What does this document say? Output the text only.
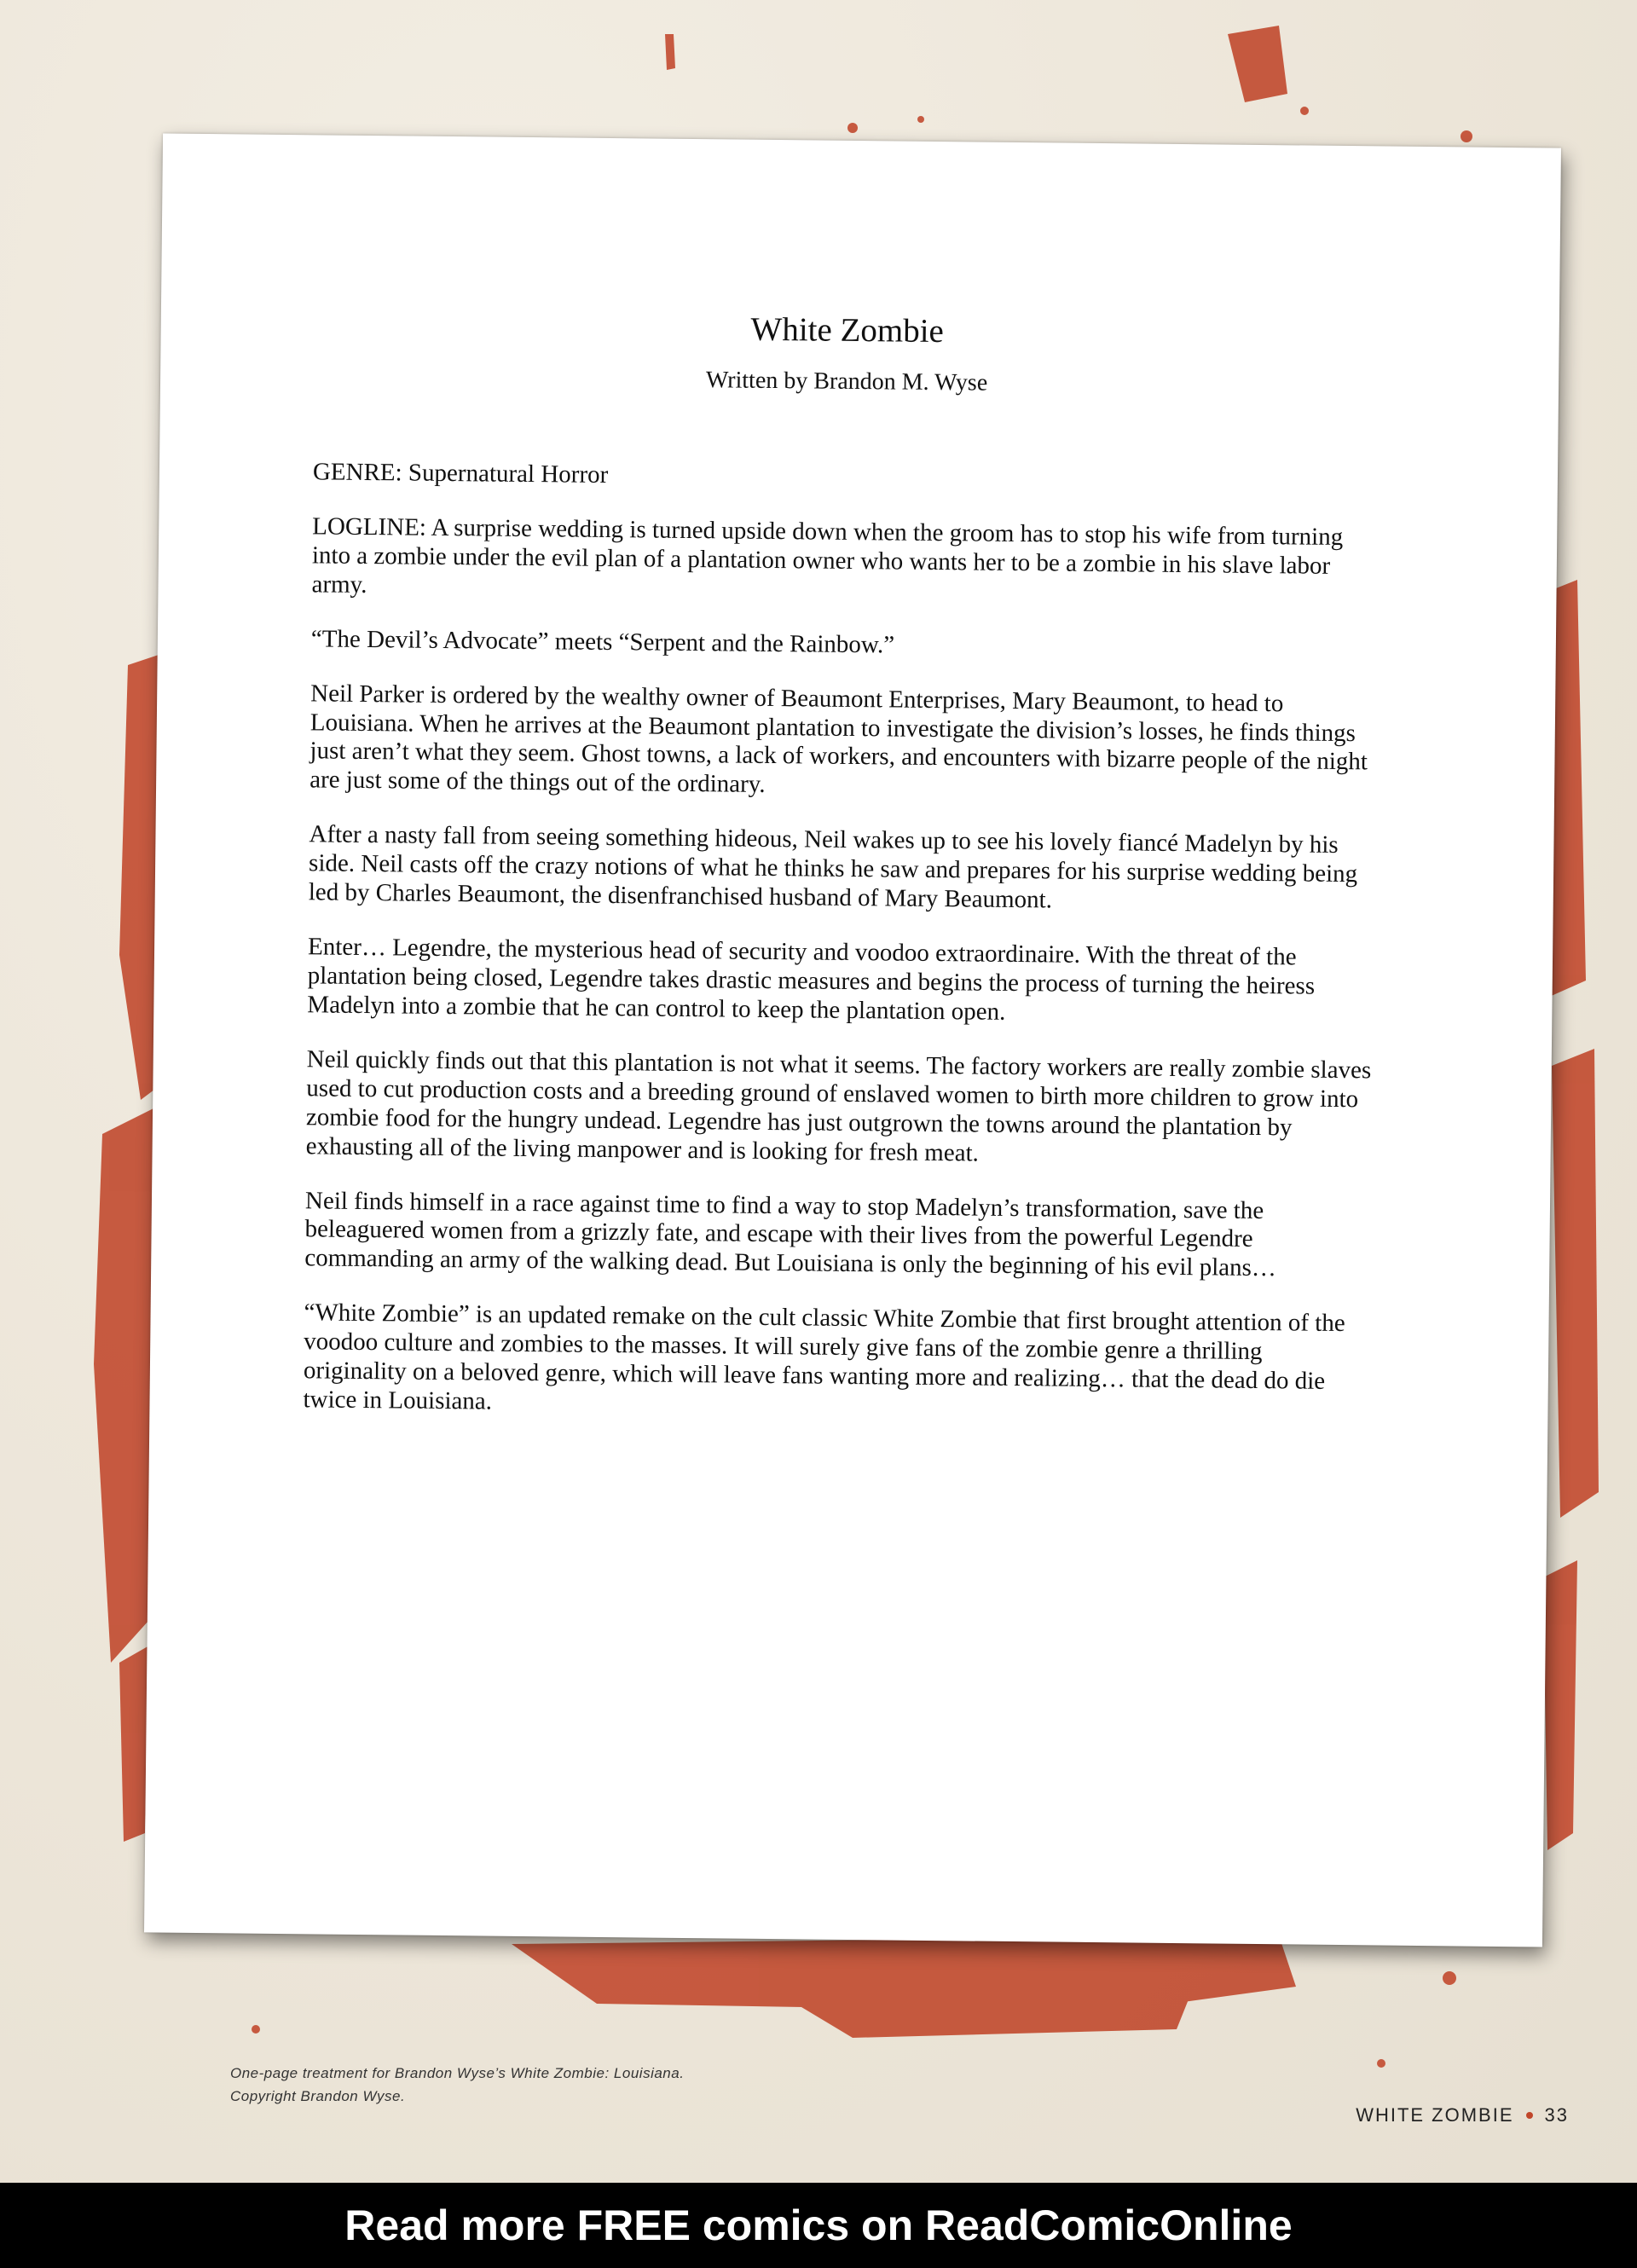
White Zombie
Written by Brandon M. Wyse

GENRE: Supernatural Horror

LOGLINE: A surprise wedding is turned upside down when the groom has to stop his wife from turning into a zombie under the evil plan of a plantation owner who wants her to be a zombie in his slave labor army.

“The Devil’s Advocate” meets “Serpent and the Rainbow.”

Neil Parker is ordered by the wealthy owner of Beaumont Enterprises, Mary Beaumont, to head to Louisiana. When he arrives at the Beaumont plantation to investigate the division’s losses, he finds things just aren’t what they seem. Ghost towns, a lack of workers, and encounters with bizarre people of the night are just some of the things out of the ordinary.

After a nasty fall from seeing something hideous, Neil wakes up to see his lovely fiancé Madelyn by his side. Neil casts off the crazy notions of what he thinks he saw and prepares for his surprise wedding being led by Charles Beaumont, the disenfranchised husband of Mary Beaumont.

Enter… Legendre, the mysterious head of security and voodoo extraordinaire. With the threat of the plantation being closed, Legendre takes drastic measures and begins the process of turning the heiress Madelyn into a zombie that he can control to keep the plantation open.

Neil quickly finds out that this plantation is not what it seems. The factory workers are really zombie slaves used to cut production costs and a breeding ground of enslaved women to birth more children to grow into zombie food for the hungry undead. Legendre has just outgrown the towns around the plantation by exhausting all of the living manpower and is looking for fresh meat.

Neil finds himself in a race against time to find a way to stop Madelyn’s transformation, save the beleaguered women from a grizzly fate, and escape with their lives from the powerful Legendre commanding an army of the walking dead. But Louisiana is only the beginning of his evil plans…

“White Zombie” is an updated remake on the cult classic White Zombie that first brought attention of the voodoo culture and zombies to the masses. It will surely give fans of the zombie genre a thrilling originality on a beloved genre, which will leave fans wanting more and realizing… that the dead do die twice in Louisiana.

One-page treatment for Brandon Wyse’s White Zombie: Louisiana.
Copyright Brandon Wyse.
WHITE ZOMBIE 33
Read more FREE comics on ReadComicOnline
